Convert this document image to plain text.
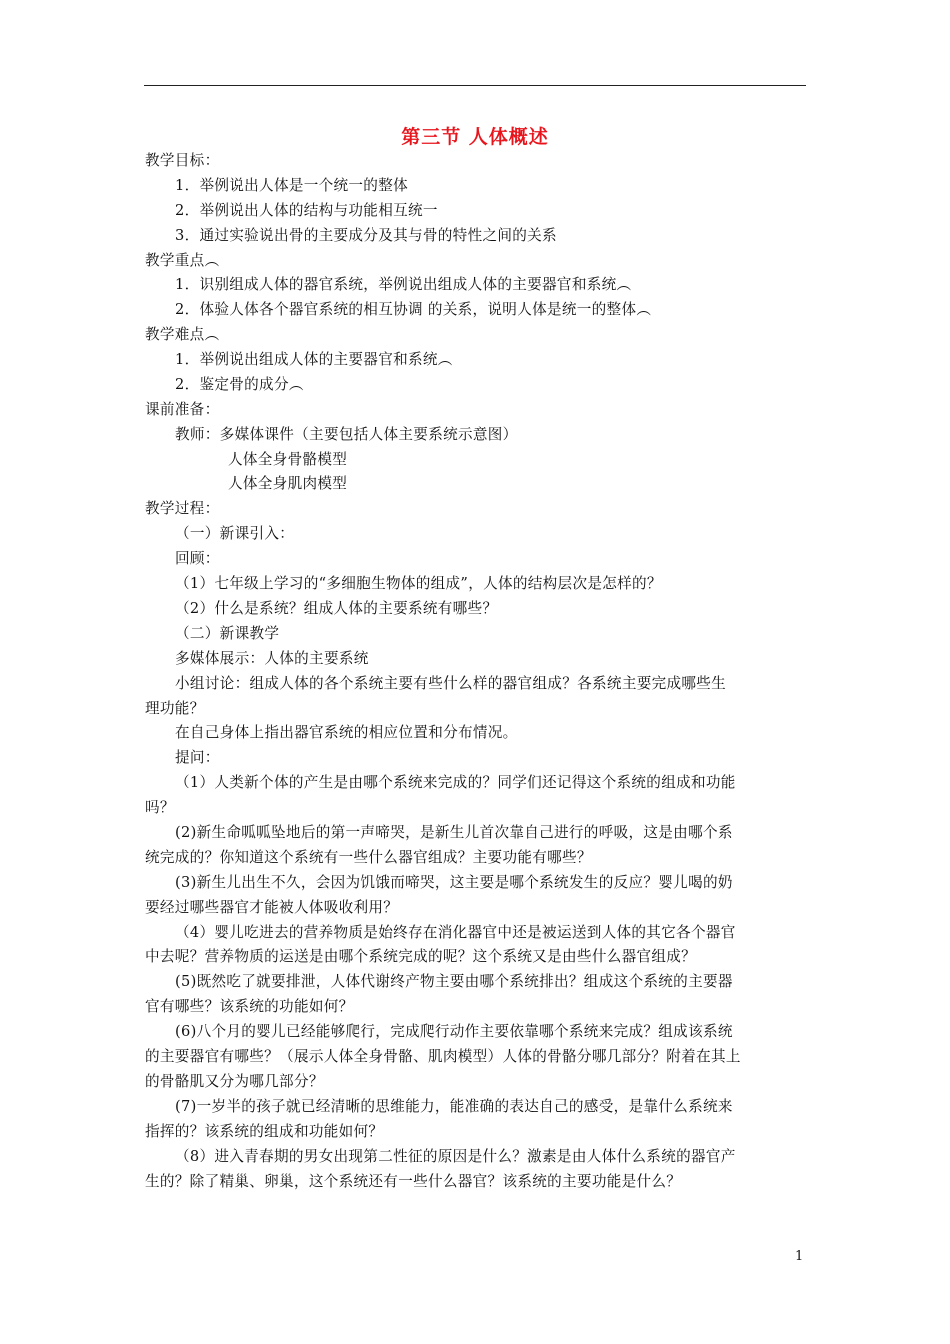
第三节 人体概述
教学目标：
1．举例说出人体是一个统一的整体
2．举例说出人体的结构与功能相互统一
3．通过实验说出骨的主要成分及其与骨的特性之间的关系
教学重点︵
1．识别组成人体的器官系统，举例说出组成人体的主要器官和系统︵
2．体验人体各个器官系统的相互协调 的关系，说明人体是统一的整体︵
教学难点︵
1．举例说出组成人体的主要器官和系统︵
2．鉴定骨的成分︵
课前准备：
教师：多媒体课件（主要包括人体主要系统示意图）
人体全身骨骼模型
人体全身肌肉模型
教学过程：
（一）新课引入：
回顾：
（1）七年级上学习的“多细胞生物体的组成”，人体的结构层次是怎样的？
（2）什么是系统？组成人体的主要系统有哪些？
（二）新课教学
多媒体展示：人体的主要系统
小组讨论：组成人体的各个系统主要有些什么样的器官组成？各系统主要完成哪些生
理功能？
在自己身体上指出器官系统的相应位置和分布情况。
提问：
（1）人类新个体的产生是由哪个系统来完成的？同学们还记得这个系统的组成和功能
吗？
(2)新生命呱呱坠地后的第一声啼哭，是新生儿首次靠自己进行的呼吸，这是由哪个系
统完成的？你知道这个系统有一些什么器官组成？主要功能有哪些？
(3)新生儿出生不久，会因为饥饿而啼哭，这主要是哪个系统发生的反应？婴儿喝的奶
要经过哪些器官才能被人体吸收利用？
（4）婴儿吃进去的营养物质是始终存在消化器官中还是被运送到人体的其它各个器官
中去呢？营养物质的运送是由哪个系统完成的呢？这个系统又是由些什么器官组成？
(5)既然吃了就要排泄，人体代谢终产物主要由哪个系统排出？组成这个系统的主要器
官有哪些？该系统的功能如何？
(6)八个月的婴儿已经能够爬行，完成爬行动作主要依靠哪个系统来完成？组成该系统
的主要器官有哪些？（展示人体全身骨骼、肌肉模型）人体的骨骼分哪几部分？附着在其上
的骨骼肌又分为哪几部分？
(7)一岁半的孩子就已经清晰的思维能力，能准确的表达自己的感受，是靠什么系统来
指挥的？该系统的组成和功能如何？
（8）进入青春期的男女出现第二性征的原因是什么？激素是由人体什么系统的器官产
生的？除了精巢、卵巢，这个系统还有一些什么器官？该系统的主要功能是什么？
1
